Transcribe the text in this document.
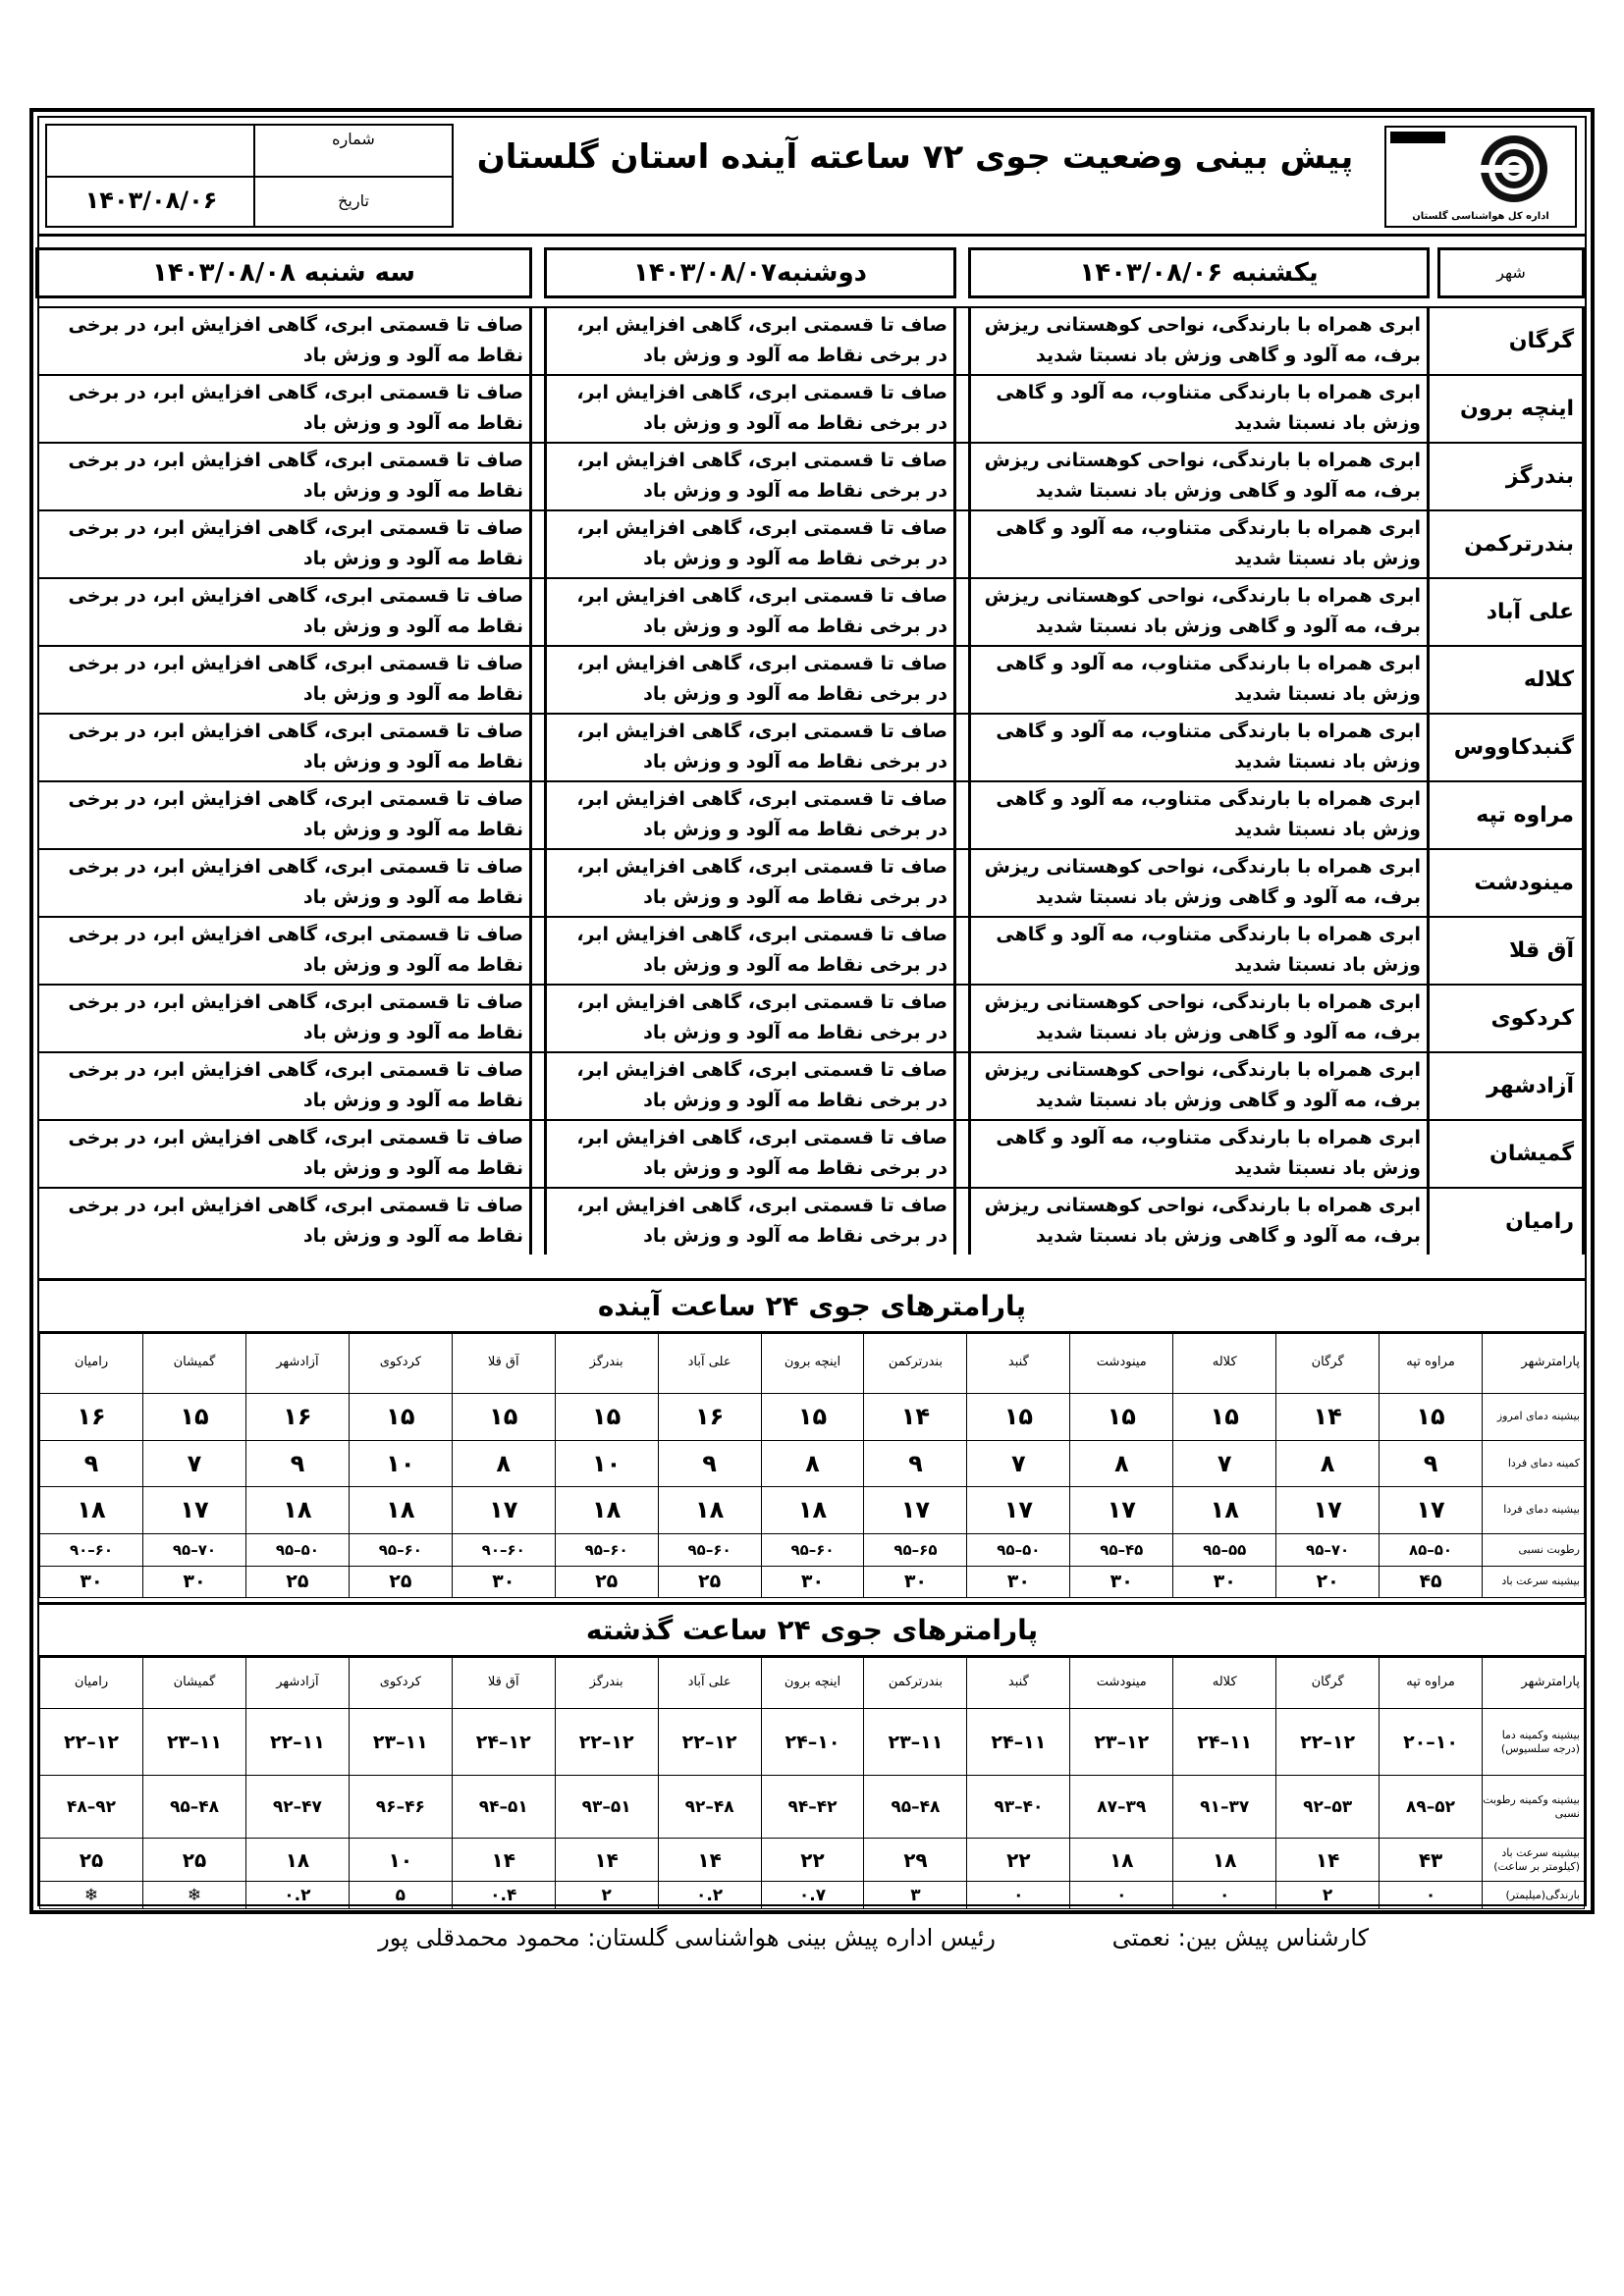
اداره کل هواشناسی گلستان
پیش بینی وضعیت جوی ۷۲ ساعته آینده استان گلستان
شماره
تاریخ
۱۴۰۳/۰۸/۰۶
شهر
یکشنبه ۱۴۰۳/۰۸/۰۶
دوشنبه۱۴۰۳/۰۸/۰۷
سه شنبه ۱۴۰۳/۰۸/۰۸
گرگان
ابری همراه با بارندگی، نواحی کوهستانی ریزش برف، مه آلود و گاهی وزش باد نسبتا شدید
صاف تا قسمتی ابری، گاهی افزایش ابر، در برخی نقاط مه آلود و وزش باد
صاف تا قسمتی ابری، گاهی افزایش ابر، در برخی نقاط مه آلود و وزش باد
اینچه برون
ابری همراه با بارندگی متناوب، مه آلود و گاهی وزش باد نسبتا شدید
صاف تا قسمتی ابری، گاهی افزایش ابر، در برخی نقاط مه آلود و وزش باد
صاف تا قسمتی ابری، گاهی افزایش ابر، در برخی نقاط مه آلود و وزش باد
بندرگز
ابری همراه با بارندگی، نواحی کوهستانی ریزش برف، مه آلود و گاهی وزش باد نسبتا شدید
صاف تا قسمتی ابری، گاهی افزایش ابر، در برخی نقاط مه آلود و وزش باد
صاف تا قسمتی ابری، گاهی افزایش ابر، در برخی نقاط مه آلود و وزش باد
بندرترکمن
ابری همراه با بارندگی متناوب، مه آلود و گاهی وزش باد نسبتا شدید
صاف تا قسمتی ابری، گاهی افزایش ابر، در برخی نقاط مه آلود و وزش باد
صاف تا قسمتی ابری، گاهی افزایش ابر، در برخی نقاط مه آلود و وزش باد
علی آباد
ابری همراه با بارندگی، نواحی کوهستانی ریزش برف، مه آلود و گاهی وزش باد نسبتا شدید
صاف تا قسمتی ابری، گاهی افزایش ابر، در برخی نقاط مه آلود و وزش باد
صاف تا قسمتی ابری، گاهی افزایش ابر، در برخی نقاط مه آلود و وزش باد
کلاله
ابری همراه با بارندگی متناوب، مه آلود و گاهی وزش باد نسبتا شدید
صاف تا قسمتی ابری، گاهی افزایش ابر، در برخی نقاط مه آلود و وزش باد
صاف تا قسمتی ابری، گاهی افزایش ابر، در برخی نقاط مه آلود و وزش باد
گنبدکاووس
ابری همراه با بارندگی متناوب، مه آلود و گاهی وزش باد نسبتا شدید
صاف تا قسمتی ابری، گاهی افزایش ابر، در برخی نقاط مه آلود و وزش باد
صاف تا قسمتی ابری، گاهی افزایش ابر، در برخی نقاط مه آلود و وزش باد
مراوه تپه
ابری همراه با بارندگی متناوب، مه آلود و گاهی وزش باد نسبتا شدید
صاف تا قسمتی ابری، گاهی افزایش ابر، در برخی نقاط مه آلود و وزش باد
صاف تا قسمتی ابری، گاهی افزایش ابر، در برخی نقاط مه آلود و وزش باد
مینودشت
ابری همراه با بارندگی، نواحی کوهستانی ریزش برف، مه آلود و گاهی وزش باد نسبتا شدید
صاف تا قسمتی ابری، گاهی افزایش ابر، در برخی نقاط مه آلود و وزش باد
صاف تا قسمتی ابری، گاهی افزایش ابر، در برخی نقاط مه آلود و وزش باد
آق قلا
ابری همراه با بارندگی متناوب، مه آلود و گاهی وزش باد نسبتا شدید
صاف تا قسمتی ابری، گاهی افزایش ابر، در برخی نقاط مه آلود و وزش باد
صاف تا قسمتی ابری، گاهی افزایش ابر، در برخی نقاط مه آلود و وزش باد
کردکوی
ابری همراه با بارندگی، نواحی کوهستانی ریزش برف، مه آلود و گاهی وزش باد نسبتا شدید
صاف تا قسمتی ابری، گاهی افزایش ابر، در برخی نقاط مه آلود و وزش باد
صاف تا قسمتی ابری، گاهی افزایش ابر، در برخی نقاط مه آلود و وزش باد
آزادشهر
ابری همراه با بارندگی، نواحی کوهستانی ریزش برف، مه آلود و گاهی وزش باد نسبتا شدید
صاف تا قسمتی ابری، گاهی افزایش ابر، در برخی نقاط مه آلود و وزش باد
صاف تا قسمتی ابری، گاهی افزایش ابر، در برخی نقاط مه آلود و وزش باد
گمیشان
ابری همراه با بارندگی متناوب، مه آلود و گاهی وزش باد نسبتا شدید
صاف تا قسمتی ابری، گاهی افزایش ابر، در برخی نقاط مه آلود و وزش باد
صاف تا قسمتی ابری، گاهی افزایش ابر، در برخی نقاط مه آلود و وزش باد
رامیان
ابری همراه با بارندگی، نواحی کوهستانی ریزش برف، مه آلود و گاهی وزش باد نسبتا شدید
صاف تا قسمتی ابری، گاهی افزایش ابر، در برخی نقاط مه آلود و وزش باد
صاف تا قسمتی ابری، گاهی افزایش ابر، در برخی نقاط مه آلود و وزش باد
پارامترهای جوی ۲۴ ساعت آینده
پارامترشهر	مراوه تپه	گرگان	کلاله	مینودشت	گنبد	بندرترکمن	اینچه برون	علی آباد	بندرگز	آق قلا	کردکوی	آزادشهر	گمیشان	رامیان
بیشینه دمای امروز	۱۵	۱۴	۱۵	۱۵	۱۵	۱۴	۱۵	۱۶	۱۵	۱۵	۱۵	۱۶	۱۵	۱۶
کمینه دمای فردا	۹	۸	۷	۸	۷	۹	۸	۹	۱۰	۸	۱۰	۹	۷	۹
بیشینه دمای فردا	۱۷	۱۷	۱۸	۱۷	۱۷	۱۷	۱۸	۱۸	۱۸	۱۷	۱۸	۱۸	۱۷	۱۸
رطوبت نسبی	۵۰–۸۵	۷۰–۹۵	۵۵–۹۵	۴۵–۹۵	۵۰–۹۵	۶۵–۹۵	۶۰–۹۵	۶۰–۹۵	۶۰–۹۵	۶۰–۹۰	۶۰–۹۵	۵۰–۹۵	۷۰–۹۵	۶۰–۹۰
بیشینه سرعت باد	۴۵	۲۰	۳۰	۳۰	۳۰	۳۰	۳۰	۲۵	۲۵	۳۰	۲۵	۲۵	۳۰	۳۰
پارامترهای جوی ۲۴ ساعت گذشته
پارامترشهر	مراوه تپه	گرگان	کلاله	مینودشت	گنبد	بندرترکمن	اینچه برون	علی آباد	بندرگز	آق قلا	کردکوی	آزادشهر	گمیشان	رامیان
بیشینه وکمینه دما (درجه سلسیوس)	۱۰–۲۰	۱۲–۲۲	۱۱–۲۴	۱۲–۲۳	۱۱–۲۴	۱۱–۲۳	۱۰–۲۴	۱۲–۲۲	۱۲–۲۲	۱۲–۲۴	۱۱–۲۳	۱۱–۲۲	۱۱–۲۳	۱۲–۲۲
بیشینه وکمینه رطوبت نسبی	۵۲–۸۹	۵۳–۹۲	۳۷–۹۱	۳۹–۸۷	۴۰–۹۳	۴۸–۹۵	۴۲–۹۴	۴۸–۹۲	۵۱–۹۳	۵۱–۹۴	۴۶–۹۶	۴۷–۹۲	۴۸–۹۵	۹۲–۴۸
بیشینه سرعت باد (کیلومتر بر ساعت)	۴۳	۱۴	۱۸	۱۸	۲۲	۲۹	۲۲	۱۴	۱۴	۱۴	۱۰	۱۸	۲۵	۲۵
بارندگی(میلیمتر)	۰	۲	۰	۰	۰	۳	۰.۷	۰.۲	۲	۰.۴	۵	۰.۲	❄	❄
کارشناس پیش بین: نعمتی
رئیس اداره پیش بینی هواشناسی گلستان: محمود محمدقلی پور
